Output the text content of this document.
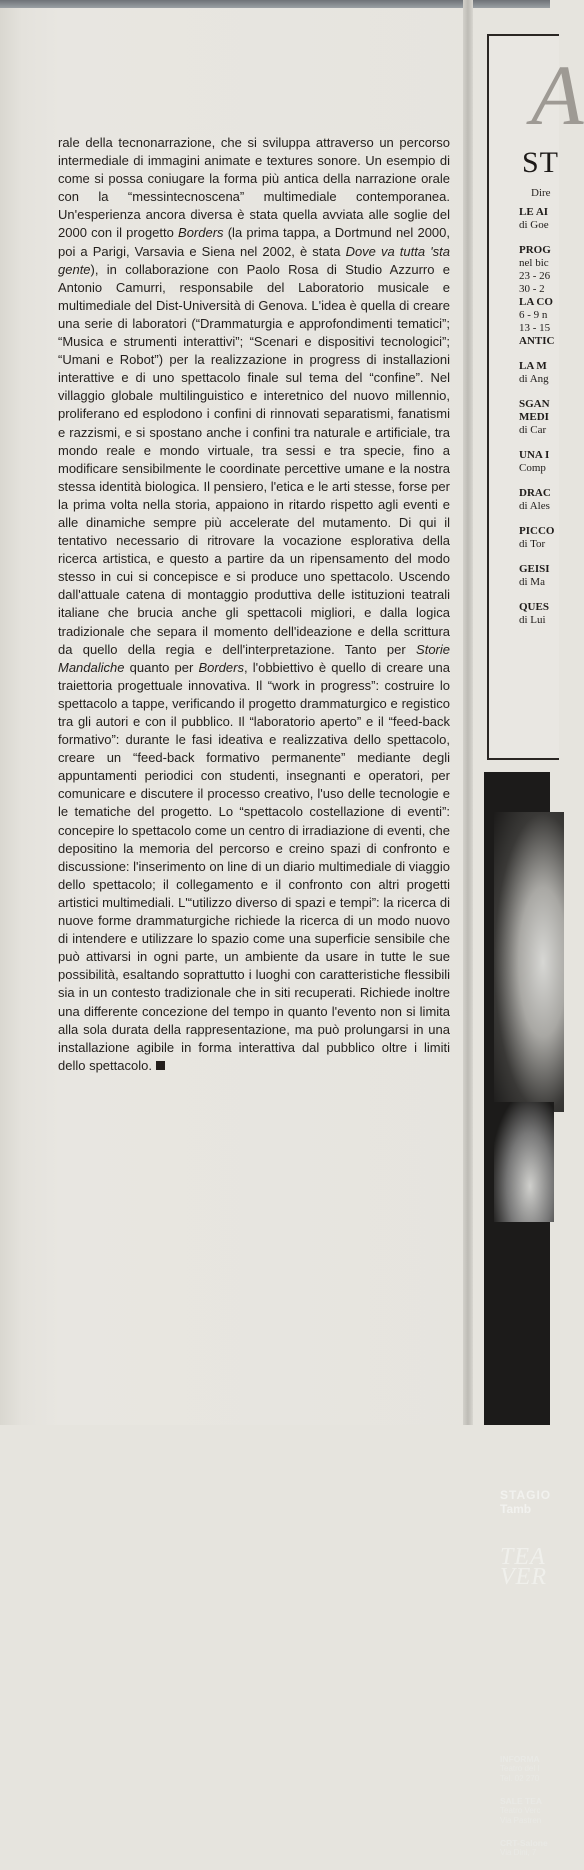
rale della tecnonarrazione, che si sviluppa attraverso un percorso intermediale di immagini animate e textures sonore. Un esempio di come si possa coniugare la forma più antica della narrazione orale con la “messintecnoscena” multimediale contemporanea. Un'esperienza ancora diversa è stata quella avviata alle soglie del 2000 con il progetto Borders (la prima tappa, a Dortmund nel 2000, poi a Parigi, Varsavia e Siena nel 2002, è stata Dove va tutta 'sta gente), in collaborazione con Paolo Rosa di Studio Azzurro e Antonio Camurri, responsabile del Laboratorio musicale e multimediale del Dist-Università di Genova. L'idea è quella di creare una serie di laboratori (“Drammaturgia e approfondimenti tematici”; “Musica e strumenti interattivi”; “Scenari e dispositivi tecnologici”; “Umani e Robot”) per la realizzazione in progress di installazioni interattive e di uno spettacolo finale sul tema del “confine”. Nel villaggio globale multilinguistico e interetnico del nuovo millennio, proliferano ed esplodono i confini di rinnovati separatismi, fanatismi e razzismi, e si spostano anche i confini tra naturale e artificiale, tra mondo reale e mondo virtuale, tra sessi e tra specie, fino a modificare sensibilmente le coordinate percettive umane e la nostra stessa identità biologica. Il pensiero, l'etica e le arti stesse, forse per la prima volta nella storia, appaiono in ritardo rispetto agli eventi e alle dinamiche sempre più accelerate del mutamento. Di qui il tentativo necessario di ritrovare la vocazione esplorativa della ricerca artistica, e questo a partire da un ripensamento del modo stesso in cui si concepisce e si produce uno spettacolo. Uscendo dall'attuale catena di montaggio produttiva delle istituzioni teatrali italiane che brucia anche gli spettacoli migliori, e dalla logica tradizionale che separa il momento dell'ideazione e della scrittura da quello della regia e dell'interpretazione. Tanto per Storie Mandaliche quanto per Borders, l'obbiettivo è quello di creare una traiettoria progettuale innovativa. Il “work in progress”: costruire lo spettacolo a tappe, verificando il progetto drammaturgico e registico tra gli autori e con il pubblico. Il “laboratorio aperto” e il “feed-back formativo”: durante le fasi ideativa e realizzativa dello spettacolo, creare un “feed-back formativo permanente” mediante degli appuntamenti periodici con studenti, insegnanti e operatori, per comunicare e discutere il processo creativo, l'uso delle tecnologie e le tematiche del progetto. Lo “spettacolo costellazione di eventi”: concepire lo spettacolo come un centro di irradiazione di eventi, che depositino la memoria del percorso e creino spazi di confronto e discussione: l'inserimento on line di un diario multimediale di viaggio dello spettacolo; il collegamento e il confronto con altri progetti artistici multimediali. L'“utilizzo diverso di spazi e tempi”: la ricerca di nuove forme drammaturgiche richiede la ricerca di un modo nuovo di intendere e utilizzare lo spazio come una superficie sensibile che può attivarsi in ogni parte, un ambiente da usare in tutte le sue possibilità, esaltando soprattutto i luoghi con caratteristiche flessibili sia in un contesto tradizionale che in siti recuperati. Richiede inoltre una differente concezione del tempo in quanto l'evento non si limita alla sola durata della rappresentazione, ma può prolungarsi in una installazione agibile in forma interattiva dal pubblico oltre i limiti dello spettacolo.

A
ST
Dire
LE AI
di Goe
PROG
nel bic
23 - 26
30 - 2
LA CO
6 - 9 n
13 - 15
ANTIC
LA M
di Ang
SGAN
MEDI
di Car
UNA I
Comp
DRAC
di Ales
PICCO
di Tor
GEISI
di Ma
QUES
di Lui
STAGIO
Tamb
TEA
VER
INFORMA
Teatro del I
Tel. 02 270
SALE TEA
Teatro Verc
Via Pastren
CRT-Salone
Via Dini, 7
